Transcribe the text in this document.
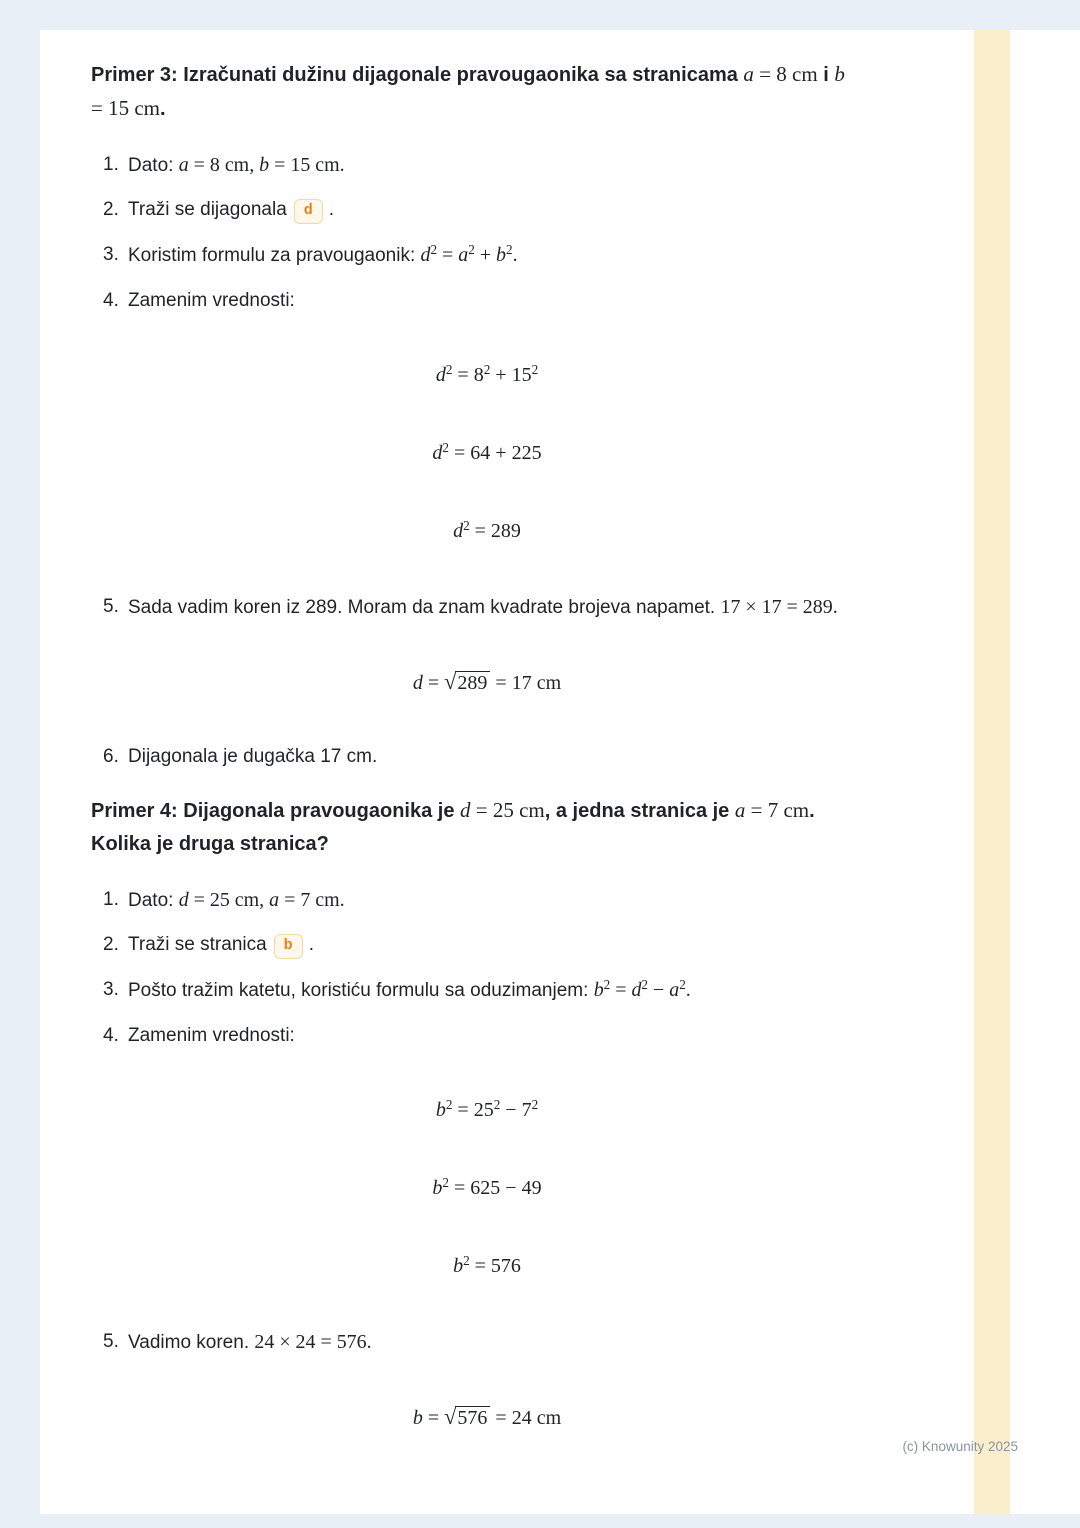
Primer 3: Izračunati dužinu dijagonale pravougaonika sa stranicama a = 8 cm i b = 15 cm.
1. Dato: a = 8 cm, b = 15 cm.
2. Traži se dijagonala d .
3. Koristim formulu za pravougaonik: $d^2 = a^2 + b^2$.
4. Zamenim vrednosti:
$d^2 = 8^2 + 15^2$
$d^2 = 64 + 225$
$d^2 = 289$
5. Sada vadim koren iz 289. Moram da znam kvadrate brojeva napamet. 17 × 17 = 289.
d = √289 = 17 cm
6. Dijagonala je dugačka 17 cm.
Primer 4: Dijagonala pravougaonika je d = 25 cm, a jedna stranica je a = 7 cm. Kolika je druga stranica?
1. Dato: d = 25 cm, a = 7 cm.
2. Traži se stranica b .
3. Pošto tražim katetu, koristiću formulu sa oduzimanjem: $b^2 = d^2 - a^2$.
4. Zamenim vrednosti:
$b^2 = 25^2 - 7^2$
$b^2 = 625 - 49$
$b^2 = 576$
5. Vadimo koren. 24 × 24 = 576.
b = √576 = 24 cm
(c) Knowunity 2025
